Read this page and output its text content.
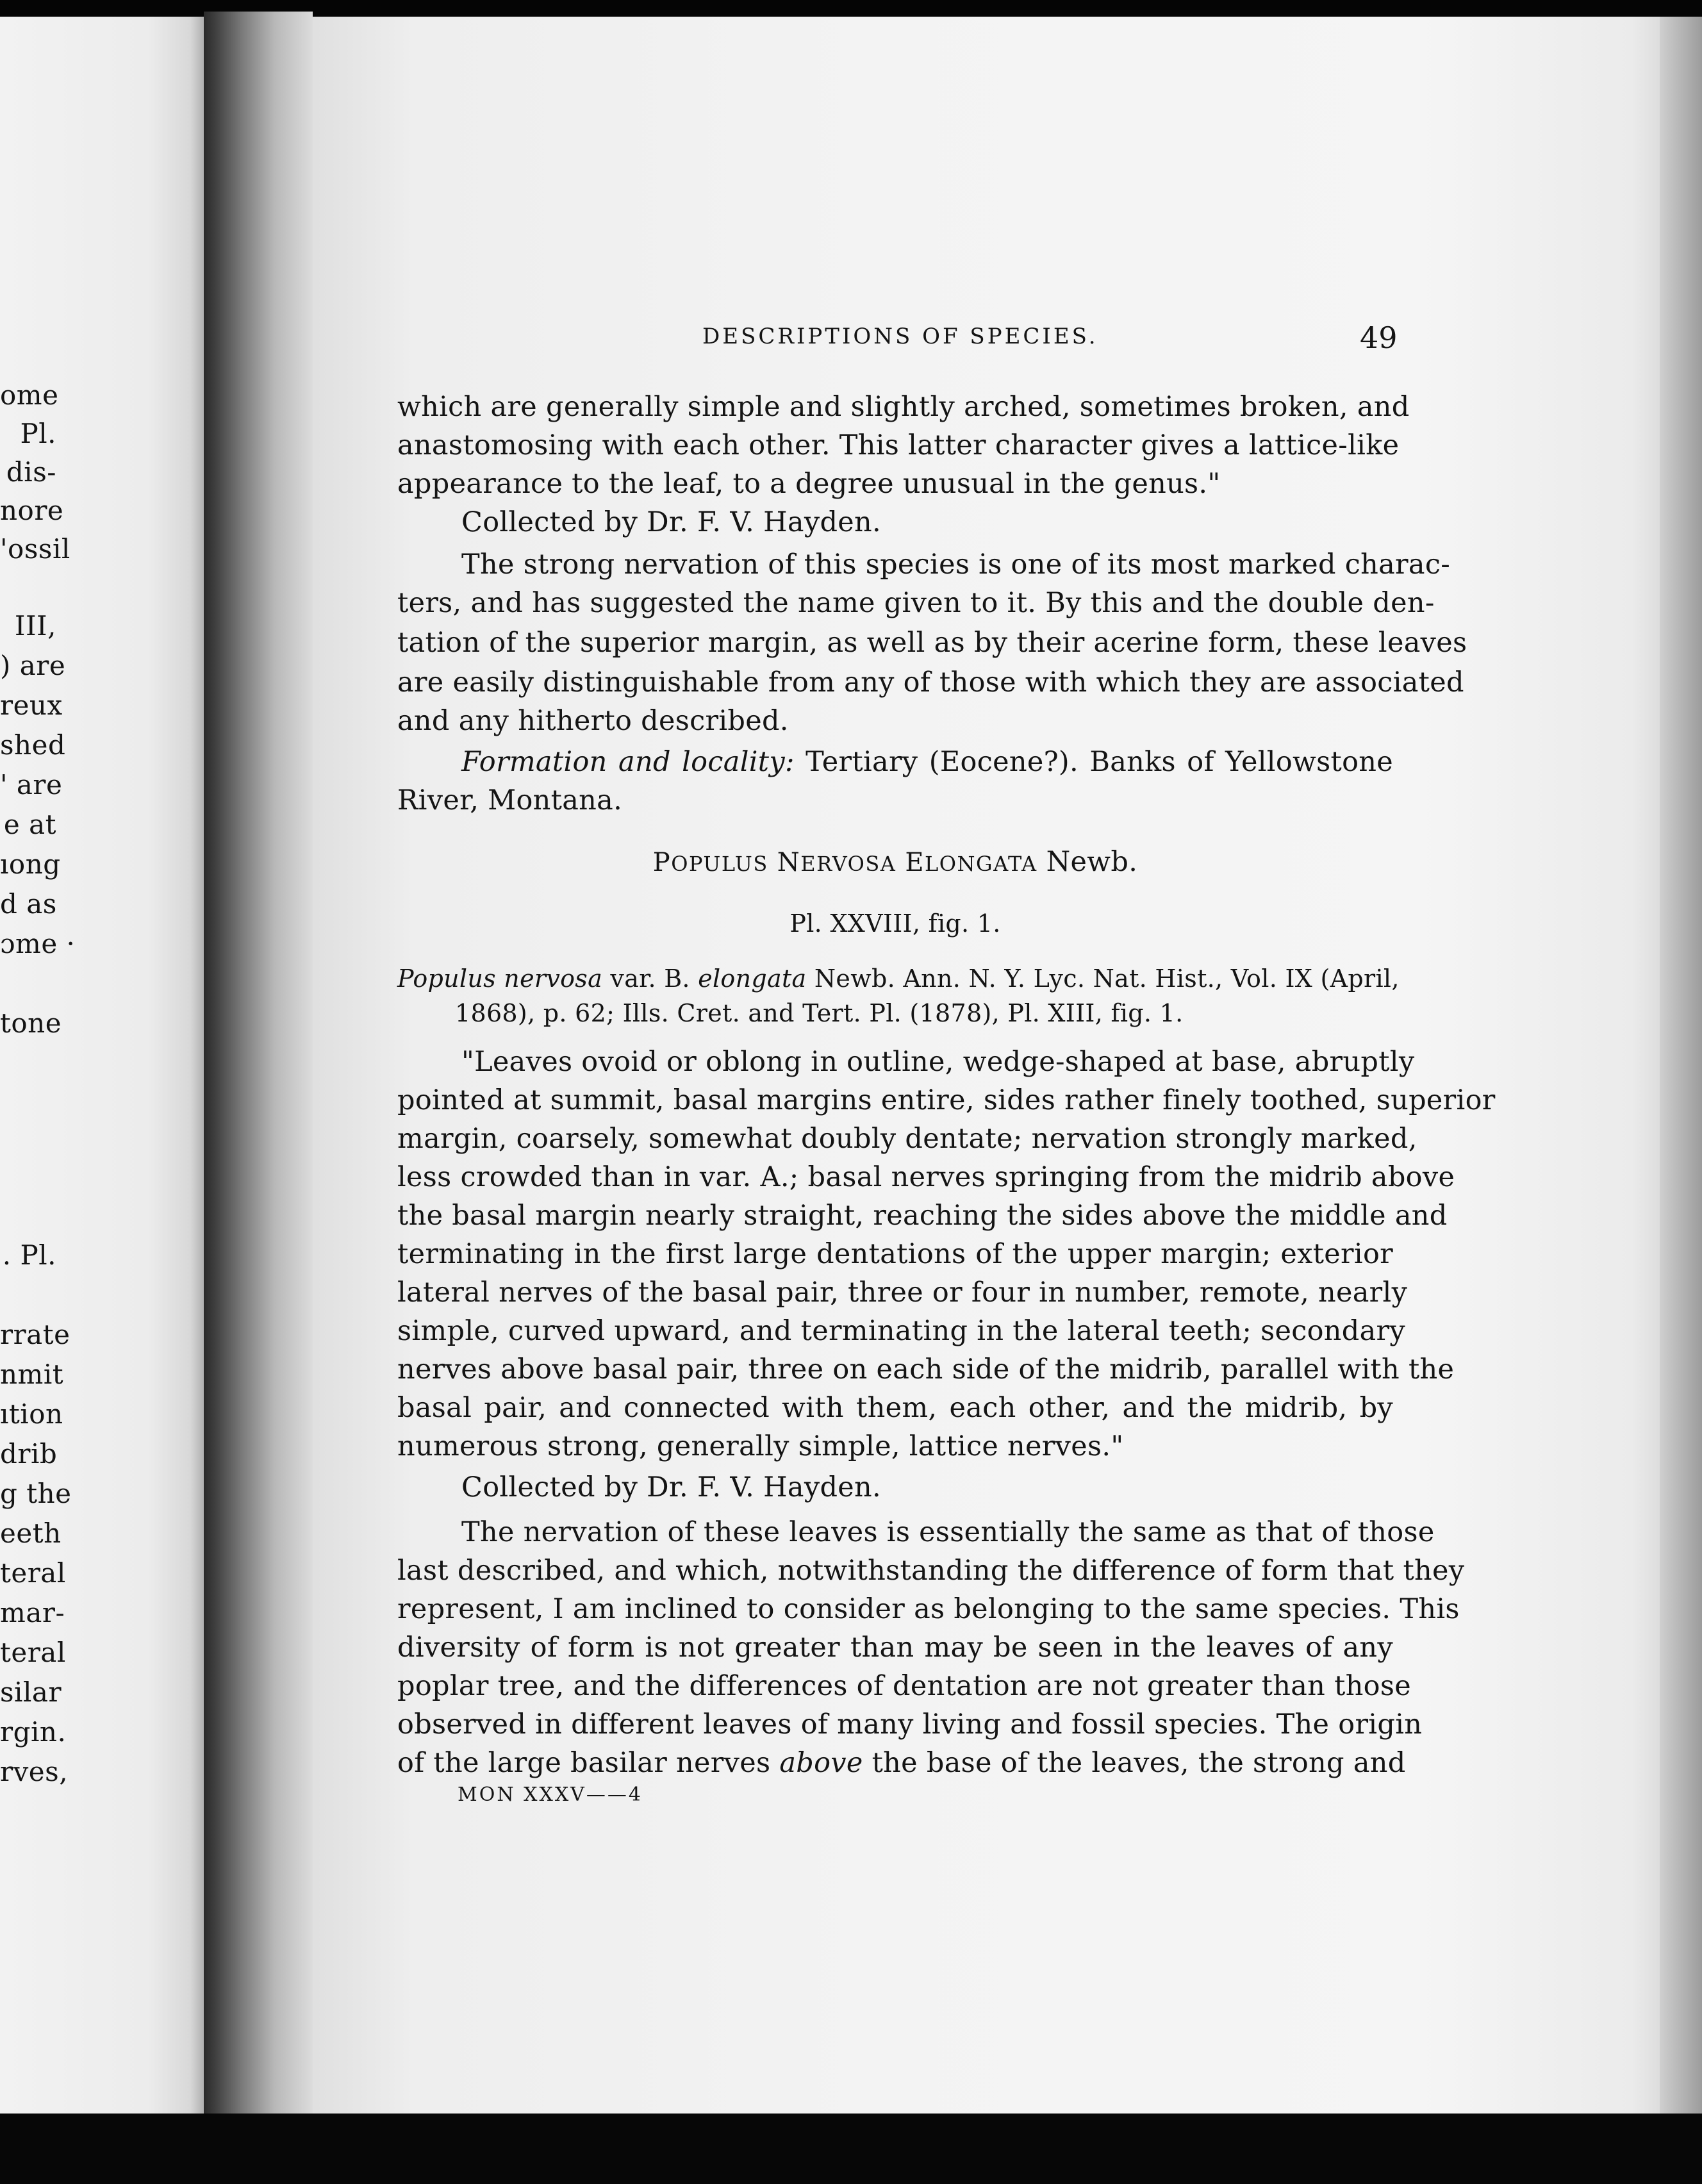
ome
Pl.
dis-
nore
'ossil
III,
) are
reux
shed
' are
e at
ıong
d as
ɔme ·
tone
. Pl.
rrate
nmit
ıtion
drib
g the
eeth
teral
mar-
teral
silar
rgin.
rves,
DESCRIPTIONS OF SPECIES.	49
which are generally simple and slightly arched, sometimes broken, and
anastomosing with each other. This latter character gives a lattice-like
appearance to the leaf, to a degree unusual in the genus."
Collected by Dr. F. V. Hayden.
The strong nervation of this species is one of its most marked charac-
ters, and has suggested the name given to it. By this and the double den-
tation of the superior margin, as well as by their acerine form, these leaves
are easily distinguishable from any of those with which they are associated
and any hitherto described.
Formation and locality: Tertiary (Eocene?). Banks of Yellowstone
River, Montana.
POPULUS NERVOSA ELONGATA Newb.
Pl. XXVIII, fig. 1.
Populus nervosa var. B. elongata Newb. Ann. N. Y. Lyc. Nat. Hist., Vol. IX (April,
1868), p. 62; Ills. Cret. and Tert. Pl. (1878), Pl. XIII, fig. 1.
"Leaves ovoid or oblong in outline, wedge-shaped at base, abruptly
pointed at summit, basal margins entire, sides rather finely toothed, superior
margin, coarsely, somewhat doubly dentate; nervation strongly marked,
less crowded than in var. A.; basal nerves springing from the midrib above
the basal margin nearly straight, reaching the sides above the middle and
terminating in the first large dentations of the upper margin; exterior
lateral nerves of the basal pair, three or four in number, remote, nearly
simple, curved upward, and terminating in the lateral teeth; secondary
nerves above basal pair, three on each side of the midrib, parallel with the
basal pair, and connected with them, each other, and the midrib, by
numerous strong, generally simple, lattice nerves."
Collected by Dr. F. V. Hayden.
The nervation of these leaves is essentially the same as that of those
last described, and which, notwithstanding the difference of form that they
represent, I am inclined to consider as belonging to the same species. This
diversity of form is not greater than may be seen in the leaves of any
poplar tree, and the differences of dentation are not greater than those
observed in different leaves of many living and fossil species. The origin
of the large basilar nerves above the base of the leaves, the strong and
MON XXXV——4
